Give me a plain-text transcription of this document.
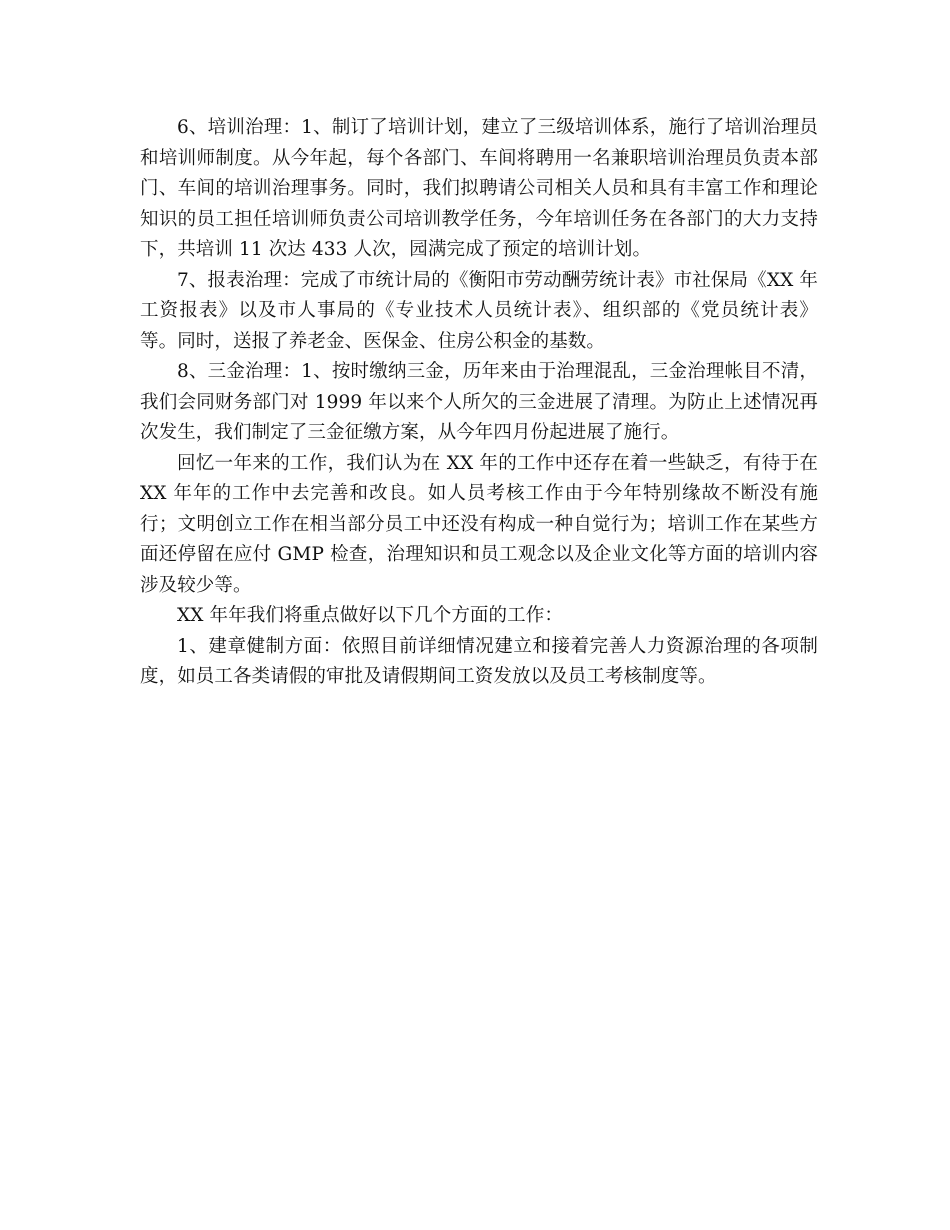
6、培训治理：1、制订了培训计划，建立了三级培训体系，施行了培训治理员和培训师制度。从今年起，每个各部门、车间将聘用一名兼职培训治理员负责本部门、车间的培训治理事务。同时，我们拟聘请公司相关人员和具有丰富工作和理论知识的员工担任培训师负责公司培训教学任务，今年培训任务在各部门的大力支持下，共培训 11 次达 433 人次，园满完成了预定的培训计划。

7、报表治理：完成了市统计局的《衡阳市劳动酬劳统计表》市社保局《XX 年工资报表》以及市人事局的《专业技术人员统计表》、组织部的《党员统计表》等。同时，送报了养老金、医保金、住房公积金的基数。

8、三金治理：1、按时缴纳三金，历年来由于治理混乱，三金治理帐目不清，我们会同财务部门对 1999 年以来个人所欠的三金进展了清理。为防止上述情况再次发生，我们制定了三金征缴方案，从今年四月份起进展了施行。

回忆一年来的工作，我们认为在 XX 年的工作中还存在着一些缺乏，有待于在 XX 年年的工作中去完善和改良。如人员考核工作由于今年特别缘故不断没有施行；文明创立工作在相当部分员工中还没有构成一种自觉行为；培训工作在某些方面还停留在应付 GMP 检查，治理知识和员工观念以及企业文化等方面的培训内容涉及较少等。

XX 年年我们将重点做好以下几个方面的工作：

1、建章健制方面：依照目前详细情况建立和接着完善人力资源治理的各项制度，如员工各类请假的审批及请假期间工资发放以及员工考核制度等。
